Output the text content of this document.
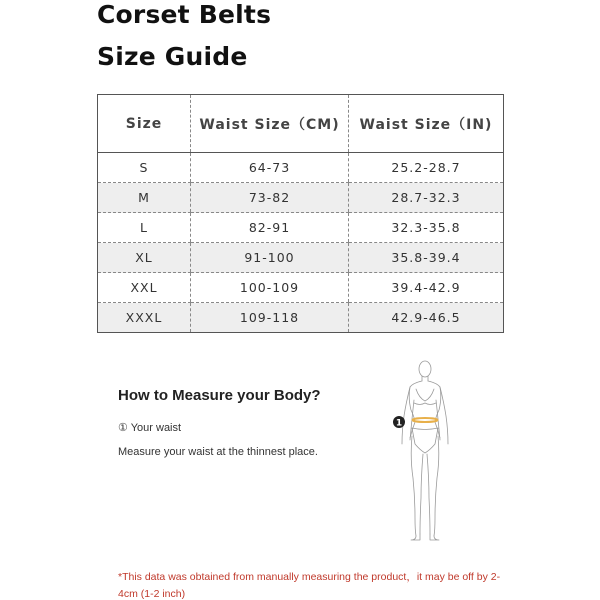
Corset Belts
Size Guide
Size	Waist Size（CM)	Waist Size（IN)
S	64-73	25.2-28.7
M	73-82	28.7-32.3
L	82-91	32.3-35.8
XL	91-100	35.8-39.4
XXL	100-109	39.4-42.9
XXXL	109-118	42.9-46.5
How to Measure your Body?
① Your waist
Measure your waist at the thinnest place.
1
*This data was obtained from manually measuring the product，it may be off by 2-4cm (1-2 inch)
